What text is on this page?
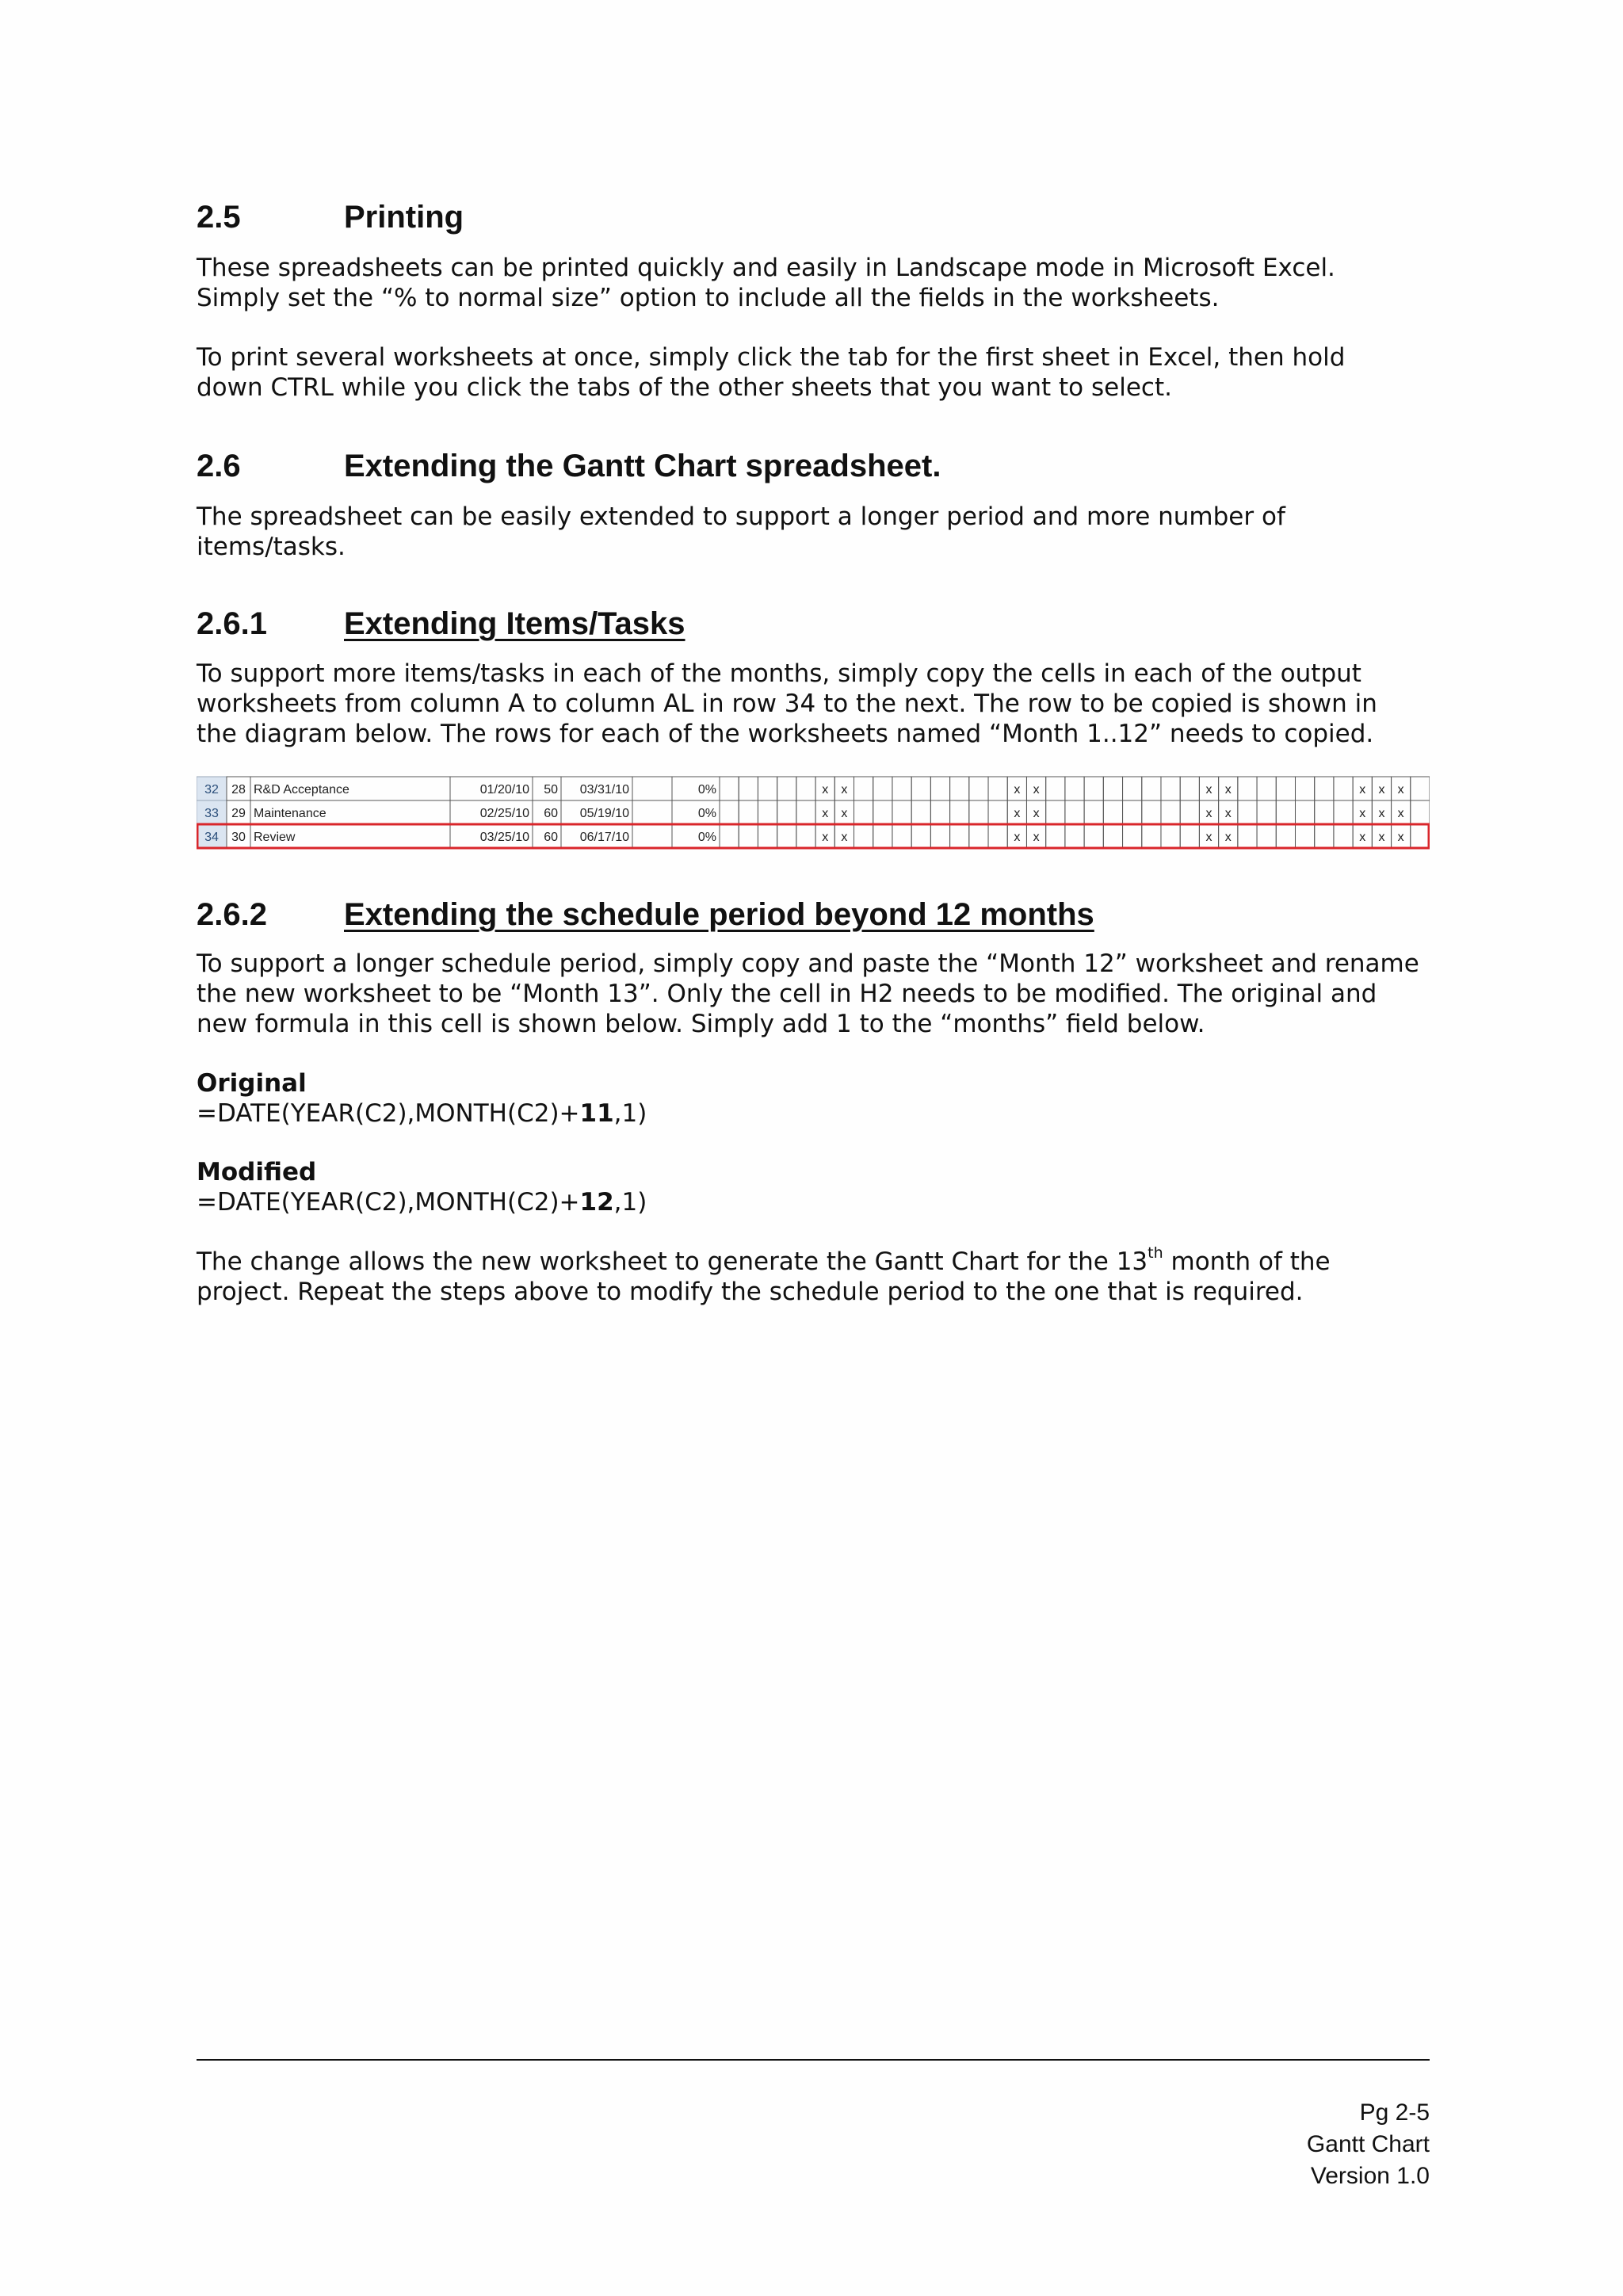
2.5	Printing
These spreadsheets can be printed quickly and easily in Landscape mode in Microsoft Excel.
Simply set the “% to normal size” option to include all the fields in the worksheets.
To print several worksheets at once, simply click the tab for the first sheet in Excel, then hold
down CTRL while you click the tabs of the other sheets that you want to select.
2.6	Extending the Gantt Chart spreadsheet.
The spreadsheet can be easily extended to support a longer period and more number of
items/tasks.
2.6.1 Extending Items/Tasks
To support more items/tasks in each of the months, simply copy the cells in each of the output
worksheets from column A to column AL in row 34 to the next. The row to be copied is shown in
the diagram below. The rows for each of the worksheets named “Month 1..12” needs to copied.
32 28 R&D Acceptance	01/20/10 50 03/31/10	0%	x x	x x	x x	x x x
33 29 Maintenance	02/25/10 60 05/19/10	0%	x x	x x	x x	x x x
34 30 Review	03/25/10 60 06/17/10	0%	x x	x x	x x	x x x
2.6.2 Extending the schedule period beyond 12 months
To support a longer schedule period, simply copy and paste the “Month 12” worksheet and rename
the new worksheet to be “Month 13”. Only the cell in H2 needs to be modified. The original and
new formula in this cell is shown below. Simply add 1 to the “months” field below.
Original
=DATE(YEAR(C2),MONTH(C2)+11,1)
Modified
=DATE(YEAR(C2),MONTH(C2)+12,1)
The change allows the new worksheet to generate the Gantt Chart for the 13th month of the
project. Repeat the steps above to modify the schedule period to the one that is required.
Pg 2-5
Gantt Chart
Version 1.0
